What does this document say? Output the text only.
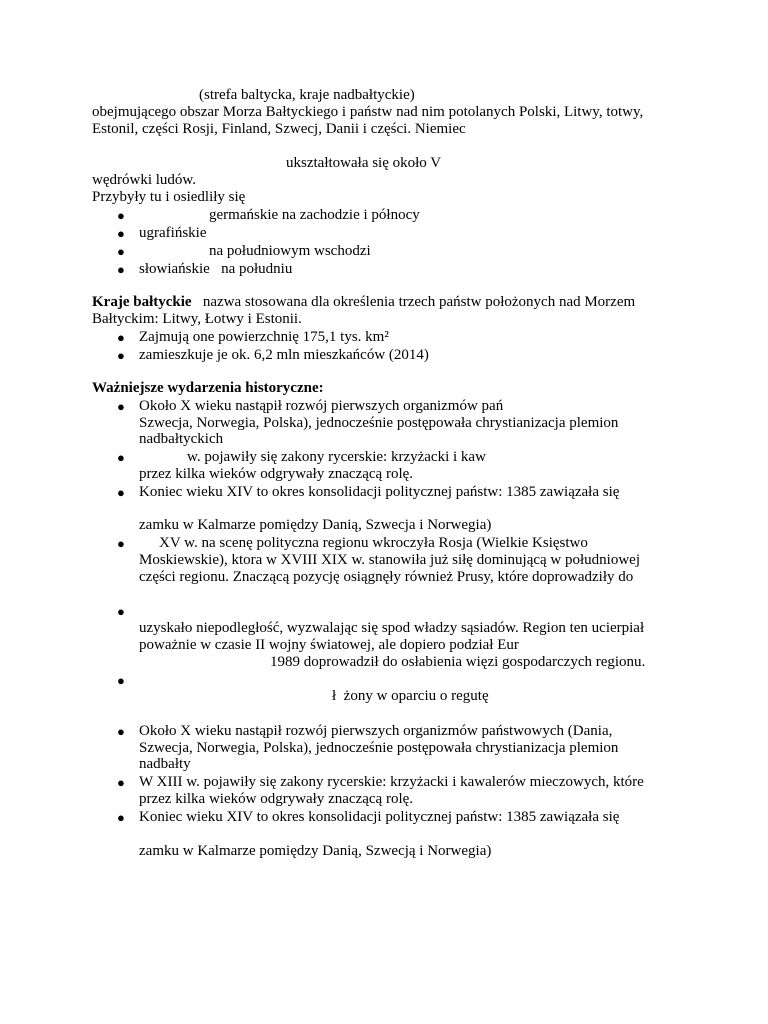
(strefa baltycka, kraje nadbałtyckie)
obejmującego obszar Morza Bałtyckiego i państw nad nim potolanych Polski, Litwy, totwy,
Estonil, części Rosji, Finland, Szwecj, Danii i części. Niemiec
ukształtowała się około V
wędrówki ludów.
Przybyły tu i osiedliły się
●	germańskie na zachodzie i północy
● ugrafińskie
●	na południowym wschodzi
● słowiańskie   na południu
Kraje bałtyckie nazwa stosowana dla określenia trzech państw położonych nad Morzem
Bałtyckim: Litwy, Łotwy i Estonii.
● Zajmują one powierzchnię 175,1 tys. km²
● zamieszkuje je ok. 6,2 mln mieszkańców (2014)
Ważniejsze wydarzenia historyczne:
● Około X wieku nastąpił rozwój pierwszych organizmów pań
Szwecja, Norwegia, Polska), jednocześnie postępowała chrystianizacja plemion
nadbałtyckich
●	w. pojawiły się zakony rycerskie: krzyżacki i kaw
przez kilka wieków odgrywały znaczącą rolę.
● Koniec wieku XIV to okres konsolidacji politycznej państw: 1385 zawiązała się
zamku w Kalmarze pomiędzy Danią, Szwecja i Norwegia)
● XV w. na scenę polityczna regionu wkroczyła Rosja (Wielkie Księstwo
Moskiewskie), ktora w XVIII XIX w. stanowiła już siłę dominującą w południowej
części regionu. Znaczącą pozycję osiągnęły również Prusy, które doprowadziły do
●
uzyskało niepodległość, wyzwalając się spod władzy sąsiadów. Region ten ucierpiał
poważnie w czasie II wojny światowej, ale dopiero podział Eur
1989 doprowadził do osłabienia więzi gospodarczych regionu.
●
ł  żony w oparciu o regutę
● Około X wieku nastąpił rozwój pierwszych organizmów państwowych (Dania,
Szwecja, Norwegia, Polska), jednocześnie postępowała chrystianizacja plemion
nadbałty
● W XIII w. pojawiły się zakony rycerskie: krzyżacki i kawalerów mieczowych, które
przez kilka wieków odgrywały znaczącą rolę.
● Koniec wieku XIV to okres konsolidacji politycznej państw: 1385 zawiązała się
zamku w Kalmarze pomiędzy Danią, Szwecją i Norwegia)
